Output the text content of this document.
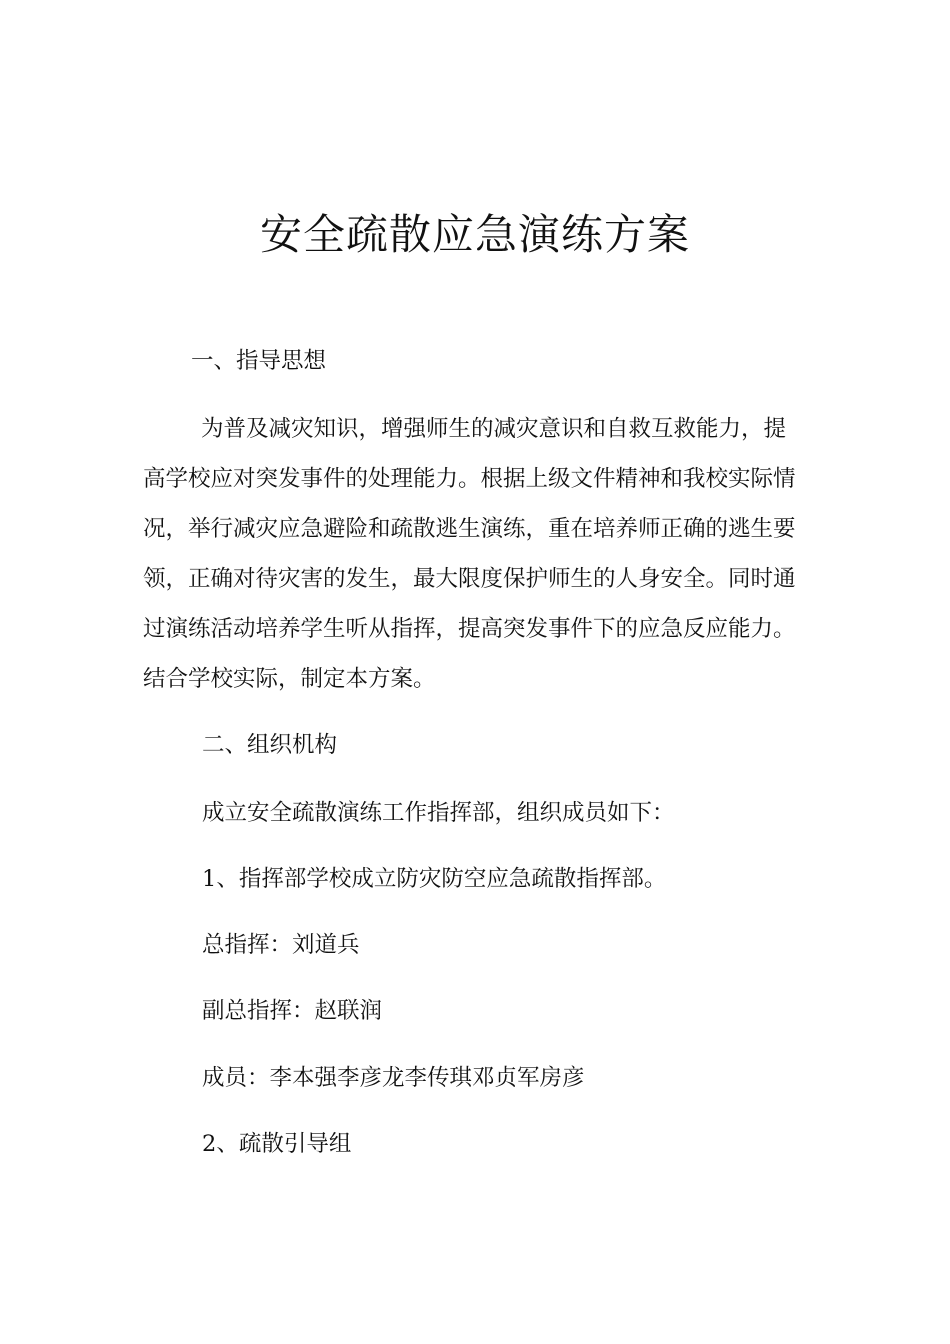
安全疏散应急演练方案
一、指导思想

为普及减灾知识，增强师生的减灾意识和自救互救能力，提高学校应对突发事件的处理能力。根据上级文件精神和我校实际情况，举行减灾应急避险和疏散逃生演练，重在培养师正确的逃生要领，正确对待灾害的发生，最大限度保护师生的人身安全。同时通过演练活动培养学生听从指挥，提高突发事件下的应急反应能力。结合学校实际，制定本方案。

二、组织机构

成立安全疏散演练工作指挥部，组织成员如下：

1、指挥部学校成立防灾防空应急疏散指挥部。

总指挥：刘道兵

副总指挥：赵联润

成员：李本强李彦龙李传琪邓贞军房彦

2、疏散引导组
